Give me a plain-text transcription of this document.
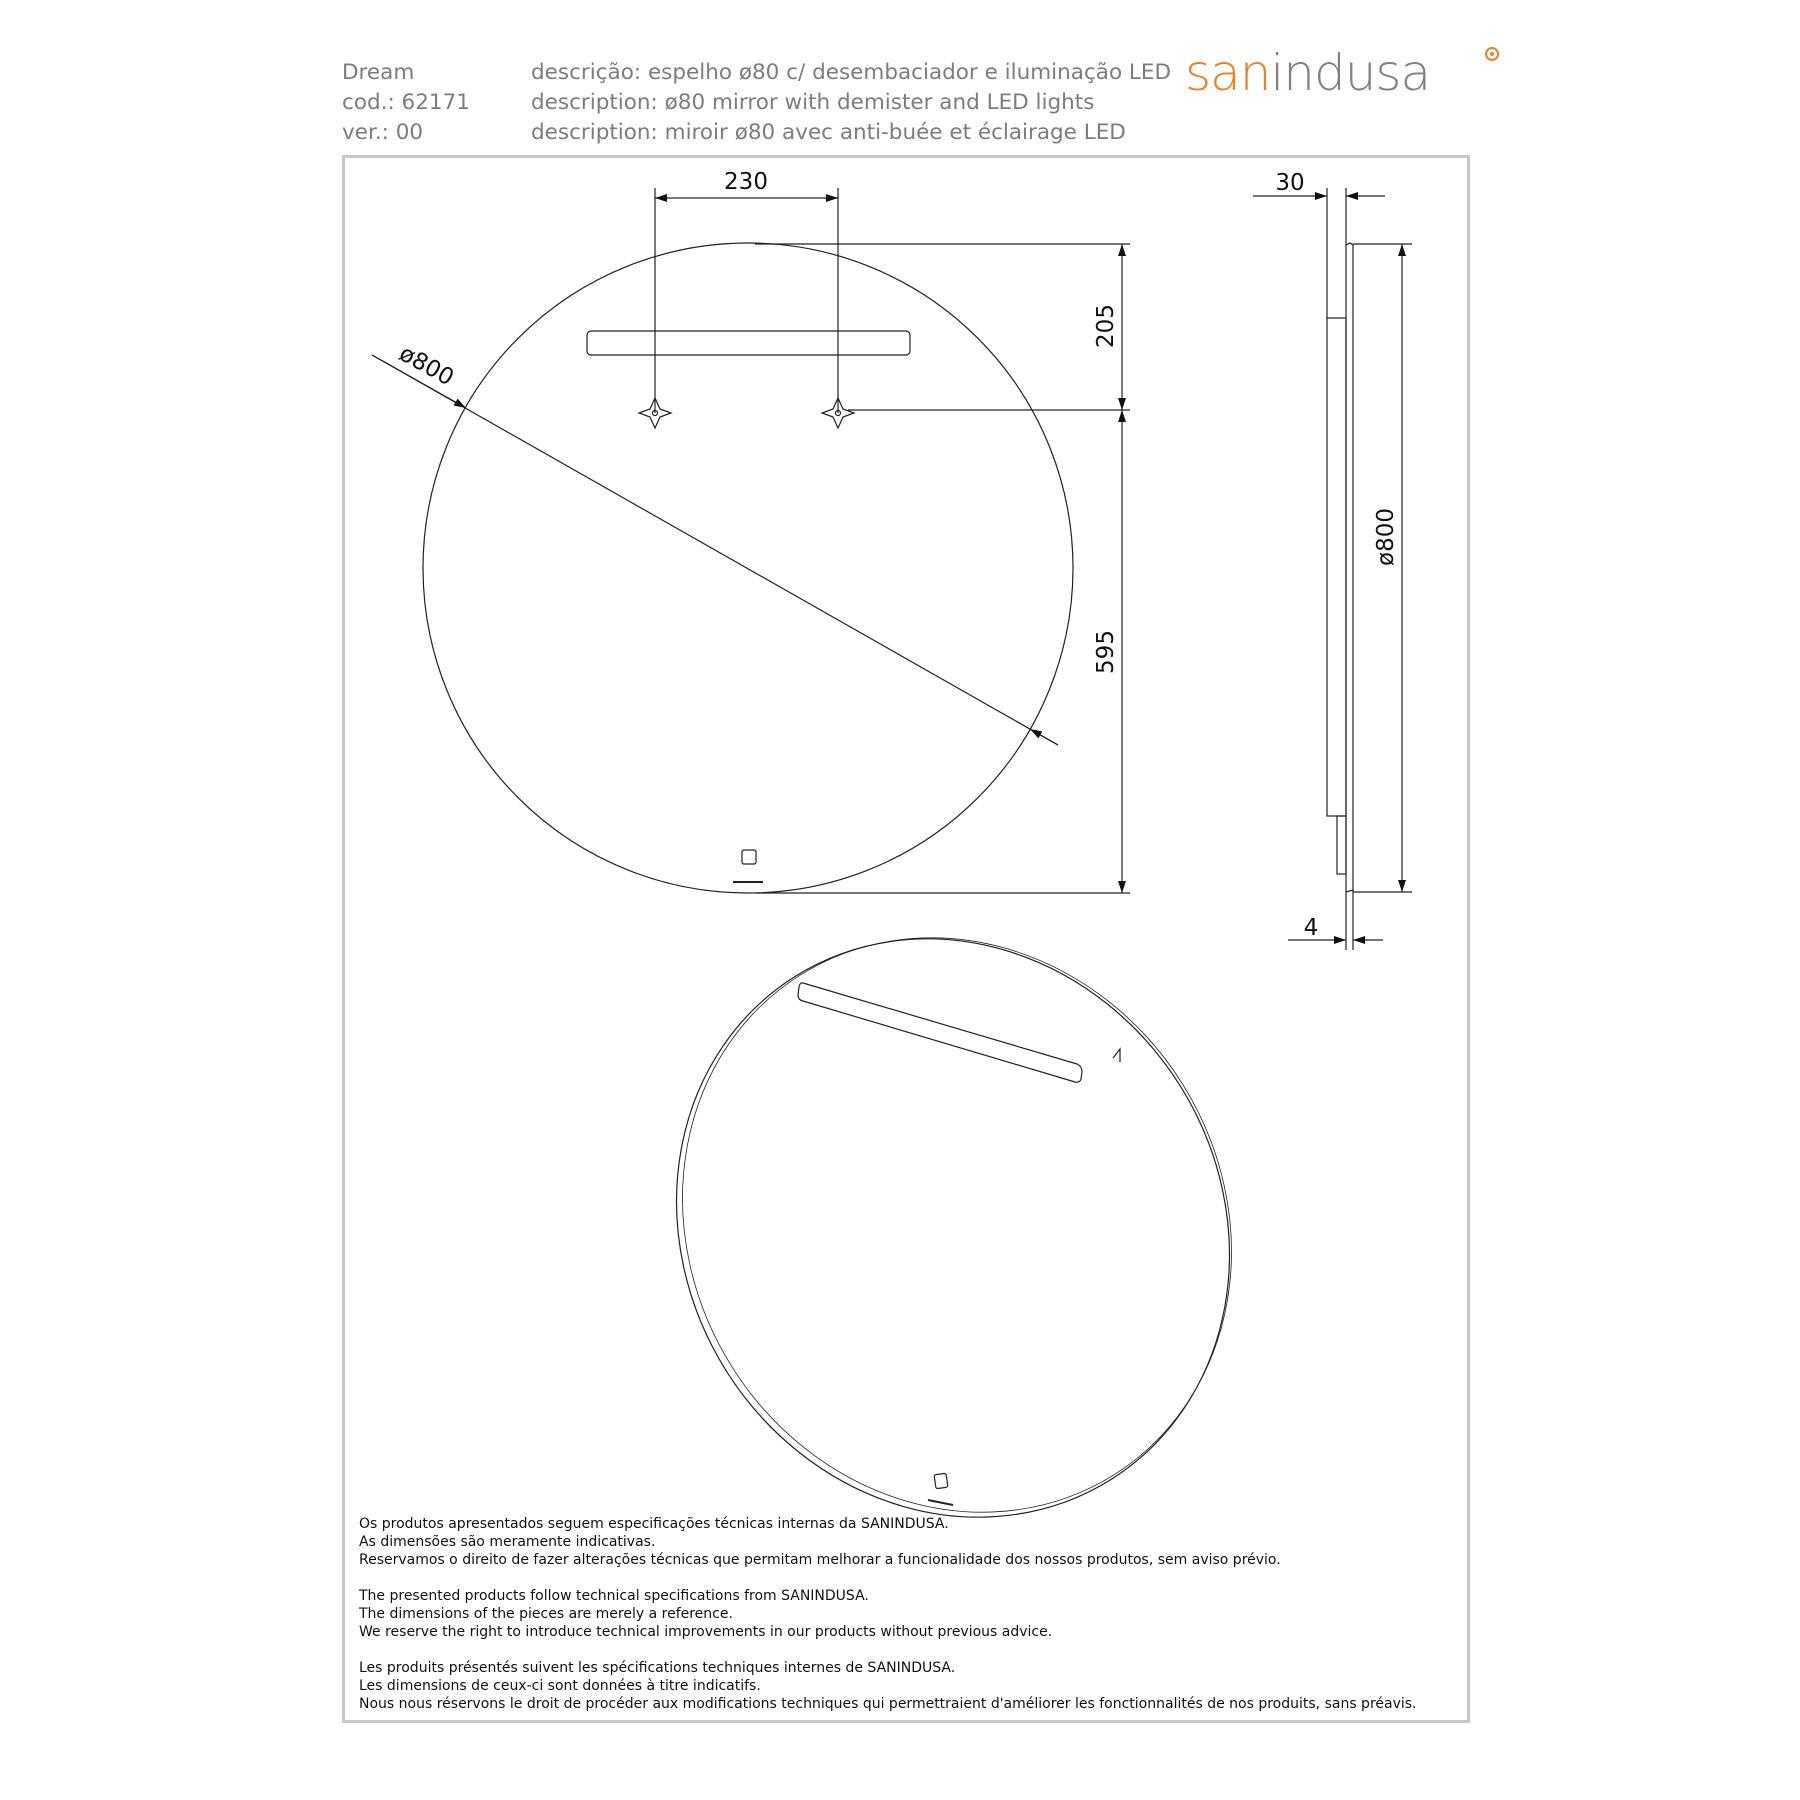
Dream
cod.: 62171
ver.: 00
descrição: espelho ø80 c/ desembaciador e iluminação LED
description: ø80 mirror with demister and LED lights
description: miroir ø80 avec anti-buée et éclairage LED
sanindusa
230
205
595
ø800
30
ø800
4
Os produtos apresentados seguem especificações técnicas internas da SANINDUSA.
As dimensões são meramente indicativas.
Reservamos o direito de fazer alterações técnicas que permitam melhorar a funcionalidade dos nossos produtos, sem aviso prévio.
The presented products follow technical specifications from SANINDUSA.
The dimensions of the pieces are merely a reference.
We reserve the right to introduce technical improvements in our products without previous advice.
Les produits présentés suivent les spécifications techniques internes de SANINDUSA.
Les dimensions de ceux-ci sont données à titre indicatifs.
Nous nous réservons le droit de procéder aux modifications techniques qui permettraient d'améliorer les fonctionnalités de nos produits, sans préavis.
